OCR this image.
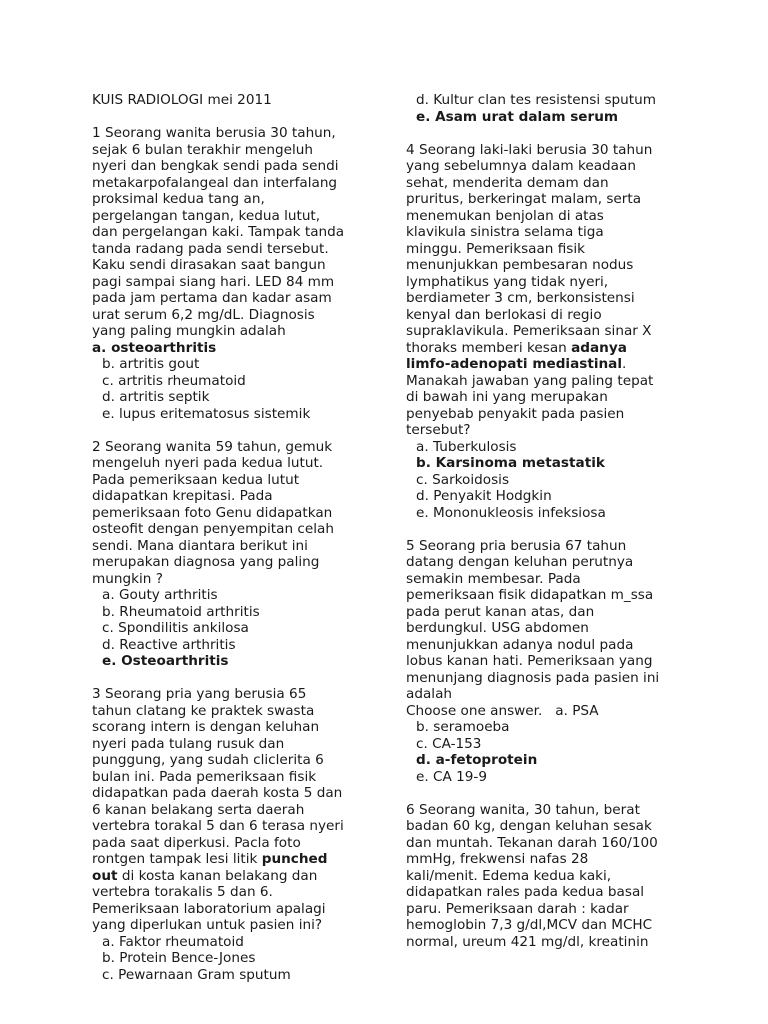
KUIS RADIOLOGI mei 2011
1 Seorang wanita berusia 30 tahun,
sejak 6 bulan terakhir mengeluh
nyeri dan bengkak sendi pada sendi
metakarpofalangeal dan interfalang
proksimal kedua tang an,
pergelangan tangan, kedua lutut,
dan pergelangan kaki. Tampak tanda
tanda radang pada sendi tersebut.
Kaku sendi dirasakan saat bangun
pagi sampai siang hari. LED 84 mm
pada jam pertama dan kadar asam
urat serum 6,2 mg/dL. Diagnosis
yang paling mungkin adalah
a. osteoarthritis
b. artritis gout
c. artritis rheumatoid
d. artritis septik
e. lupus eritematosus sistemik
2 Seorang wanita 59 tahun, gemuk
mengeluh nyeri pada kedua lutut.
Pada pemeriksaan kedua lutut
didapatkan krepitasi. Pada
pemeriksaan foto Genu didapatkan
osteofit dengan penyempitan celah
sendi. Mana diantara berikut ini
merupakan diagnosa yang paling
mungkin ?
a. Gouty arthritis
b. Rheumatoid arthritis
c. Spondilitis ankilosa
d. Reactive arthritis
e. Osteoarthritis
3 Seorang pria yang berusia 65
tahun clatang ke praktek swasta
scorang intern is dengan keluhan
nyeri pada tulang rusuk dan
punggung, yang sudah cliclerita 6
bulan ini. Pada pemeriksaan fisik
didapatkan pada daerah kosta 5 dan
6 kanan belakang serta daerah
vertebra torakal 5 dan 6 terasa nyeri
pada saat diperkusi. Pacla foto
rontgen tampak lesi litik punched
out di kosta kanan belakang dan
vertebra torakalis 5 dan 6.
Pemeriksaan laboratorium apalagi
yang diperlukan untuk pasien ini?
a. Faktor rheumatoid
b. Protein Bence-Jones
c. Pewarnaan Gram sputum
d. Kultur clan tes resistensi sputum
e. Asam urat dalam serum
4 Seorang laki-laki berusia 30 tahun
yang sebelumnya dalam keadaan
sehat, menderita demam dan
pruritus, berkeringat malam, serta
menemukan benjolan di atas
klavikula sinistra selama tiga
minggu. Pemeriksaan fisik
menunjukkan pembesaran nodus
lymphatikus yang tidak nyeri,
berdiameter 3 cm, berkonsistensi
kenyal dan berlokasi di regio
supraklavikula. Pemeriksaan sinar X
thoraks memberi kesan adanya
limfo-adenopati mediastinal.
Manakah jawaban yang paling tepat
di bawah ini yang merupakan
penyebab penyakit pada pasien
tersebut?
a. Tuberkulosis
b. Karsinoma metastatik
c. Sarkoidosis
d. Penyakit Hodgkin
e. Mononukleosis infeksiosa
5 Seorang pria berusia 67 tahun
datang dengan keluhan perutnya
semakin membesar. Pada
pemeriksaan fisik didapatkan m_ssa
pada perut kanan atas, dan
berdungkul. USG abdomen
menunjukkan adanya nodul pada
lobus kanan hati. Pemeriksaan yang
menunjang diagnosis pada pasien ini
adalah
Choose one answer.   a. PSA
b. seramoeba
c. CA-153
d. a-fetoprotein
e. CA 19-9
6 Seorang wanita, 30 tahun, berat
badan 60 kg, dengan keluhan sesak
dan muntah. Tekanan darah 160/100
mmHg, frekwensi nafas 28
kali/menit. Edema kedua kaki,
didapatkan rales pada kedua basal
paru. Pemeriksaan darah : kadar
hemoglobin 7,3 g/dl,MCV dan MCHC
normal, ureum 421 mg/dl, kreatinin
